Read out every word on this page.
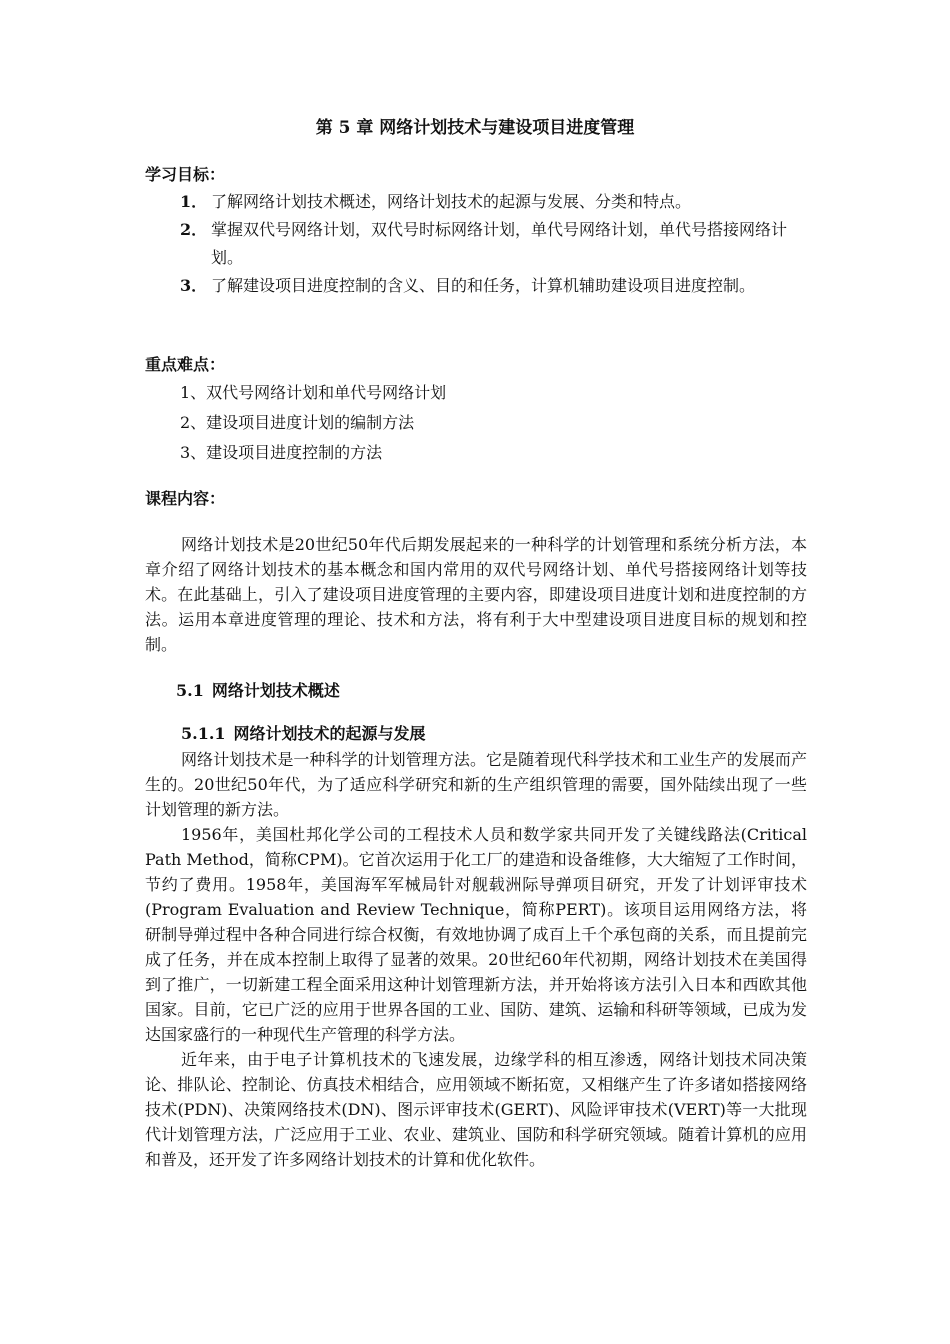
第 5 章 网络计划技术与建设项目进度管理
学习目标：
1． 了解网络计划技术概述，网络计划技术的起源与发展、分类和特点。
2． 掌握双代号网络计划，双代号时标网络计划，单代号网络计划，单代号搭接网络计划。
3． 了解建设项目进度控制的含义、目的和任务，计算机辅助建设项目进度控制。
重点难点：
1、双代号网络计划和单代号网络计划
2、建设项目进度计划的编制方法
3、建设项目进度控制的方法
课程内容：

网络计划技术是20世纪50年代后期发展起来的一种科学的计划管理和系统分析方法，本章介绍了网络计划技术的基本概念和国内常用的双代号网络计划、单代号搭接网络计划等技术。在此基础上，引入了建设项目进度管理的主要内容，即建设项目进度计划和进度控制的方法。运用本章进度管理的理论、技术和方法，将有利于大中型建设项目进度目标的规划和控制。

5.1 网络计划技术概述
5.1.1 网络计划技术的起源与发展

网络计划技术是一种科学的计划管理方法。它是随着现代科学技术和工业生产的发展而产生的。20世纪50年代，为了适应科学研究和新的生产组织管理的需要，国外陆续出现了一些计划管理的新方法。

1956年，美国杜邦化学公司的工程技术人员和数学家共同开发了关键线路法(Critical Path Method，简称CPM)。它首次运用于化工厂的建造和设备维修，大大缩短了工作时间，节约了费用。1958年，美国海军军械局针对舰载洲际导弹项目研究，开发了计划评审技术(Program Evaluation and Review Technique，简称PERT)。该项目运用网络方法，将研制导弹过程中各种合同进行综合权衡，有效地协调了成百上千个承包商的关系，而且提前完成了任务，并在成本控制上取得了显著的效果。20世纪60年代初期，网络计划技术在美国得到了推广，一切新建工程全面采用这种计划管理新方法，并开始将该方法引入日本和西欧其他国家。目前，它已广泛的应用于世界各国的工业、国防、建筑、运输和科研等领域，已成为发达国家盛行的一种现代生产管理的科学方法。

近年来，由于电子计算机技术的飞速发展，边缘学科的相互渗透，网络计划技术同决策论、排队论、控制论、仿真技术相结合，应用领域不断拓宽，又相继产生了许多诸如搭接网络技术(PDN)、决策网络技术(DN)、图示评审技术(GERT)、风险评审技术(VERT)等一大批现代计划管理方法，广泛应用于工业、农业、建筑业、国防和科学研究领域。随着计算机的应用和普及，还开发了许多网络计划技术的计算和优化软件。
